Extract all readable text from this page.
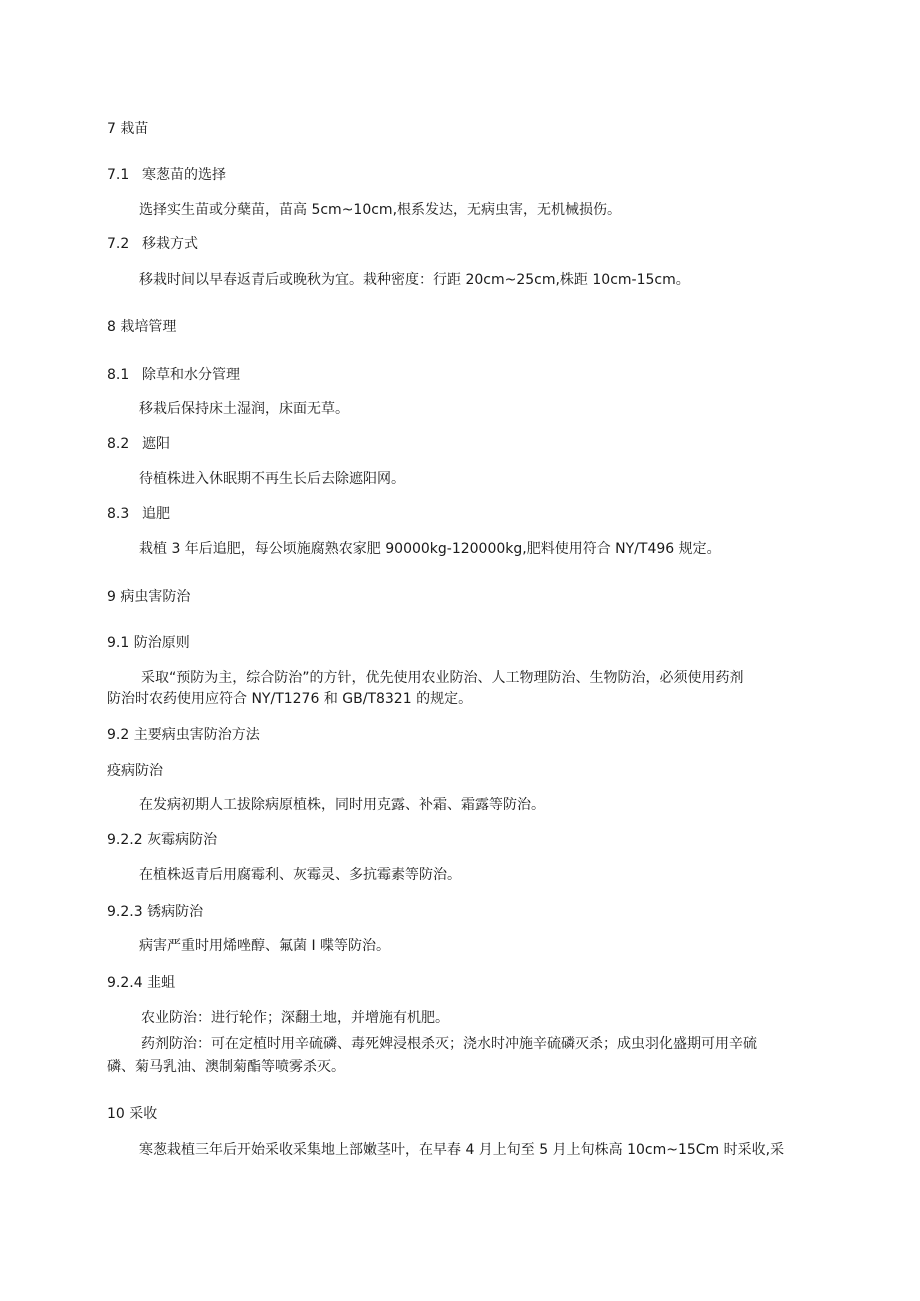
7 栽苗
7.1 寒葱苗的选择
选择实生苗或分蘖苗，苗高 5cm~10cm,根系发达，无病虫害，无机械损伤。
7.2 移栽方式
移栽时间以早春返青后或晚秋为宜。栽种密度：行距 20cm~25cm,株距 10cm-15cm。
8 栽培管理
8.1 除草和水分管理
移栽后保持床土湿润，床面无草。
8.2 遮阳
待植株进入休眠期不再生长后去除遮阳网。
8.3 追肥
栽植 3 年后追肥，每公顷施腐熟农家肥 90000kg-120000kg,肥料使用符合 NY/T496 规定。
9 病虫害防治
9.1 防治原则
采取“预防为主，综合防治”的方针，优先使用农业防治、人工物理防治、生物防治，必须使用药剂
防治时农药使用应符合 NY/T1276 和 GB/T8321 的规定。
9.2 主要病虫害防治方法
疫病防治
在发病初期人工拔除病原植株，同时用克露、补霜、霜露等防治。
9.2.2 灰霉病防治
在植株返青后用腐霉利、灰霉灵、多抗霉素等防治。
9.2.3 锈病防治
病害严重时用烯唑醇、氟菌 I 喋等防治。
9.2.4 韭蛆
农业防治：进行轮作；深翻土地，并增施有机肥。
药剂防治：可在定植时用辛硫磷、毒死婢浸根杀灭；浇水时冲施辛硫磷灭杀；成虫羽化盛期可用辛硫
磷、菊马乳油、澳制菊酯等喷雾杀灭。
10 采收
寒葱栽植三年后开始采收采集地上部嫩茎叶，在早春 4 月上旬至 5 月上旬株高 10cm~15Cm 时采收,采
